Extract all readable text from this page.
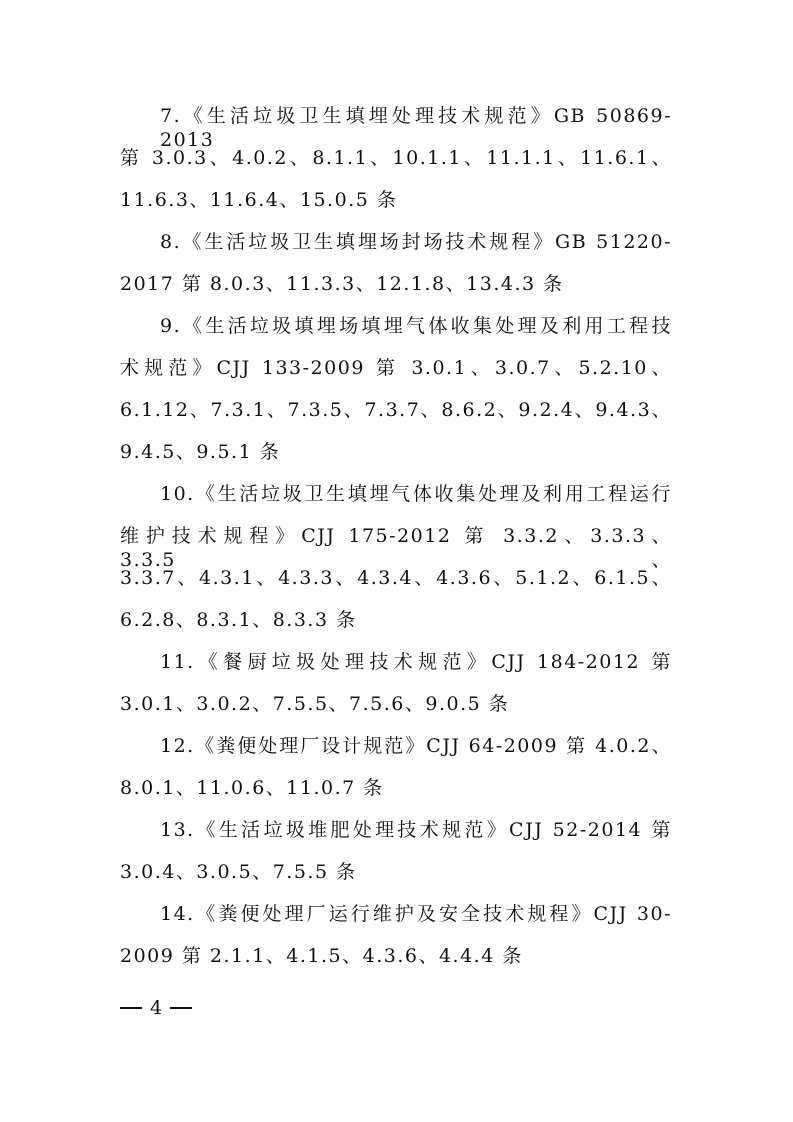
7.《生活垃圾卫生填埋处理技术规范》GB 50869-2013
第 3.0.3、4.0.2、8.1.1、10.1.1、11.1.1、11.6.1、
11.6.3、11.6.4、15.0.5 条
8.《生活垃圾卫生填埋场封场技术规程》GB 51220-
2017 第 8.0.3、11.3.3、12.1.8、13.4.3 条
9.《生活垃圾填埋场填埋气体收集处理及利用工程技
术规范》CJJ 133-2009 第 3.0.1、3.0.7、5.2.10、
6.1.12、7.3.1、7.3.5、7.3.7、8.6.2、9.2.4、9.4.3、
9.4.5、9.5.1 条
10.《生活垃圾卫生填埋气体收集处理及利用工程运行
维护技术规程》CJJ 175-2012 第 3.3.2、3.3.3、3.3.5、
3.3.7、4.3.1、4.3.3、4.3.4、4.3.6、5.1.2、6.1.5、
6.2.8、8.3.1、8.3.3 条
11.《餐厨垃圾处理技术规范》CJJ 184-2012 第
3.0.1、3.0.2、7.5.5、7.5.6、9.0.5 条
12.《粪便处理厂设计规范》CJJ 64-2009 第 4.0.2、
8.0.1、11.0.6、11.0.7 条
13.《生活垃圾堆肥处理技术规范》CJJ 52-2014 第
3.0.4、3.0.5、7.5.5 条
14.《粪便处理厂运行维护及安全技术规程》CJJ 30-
2009 第 2.1.1、4.1.5、4.3.6、4.4.4 条
4
